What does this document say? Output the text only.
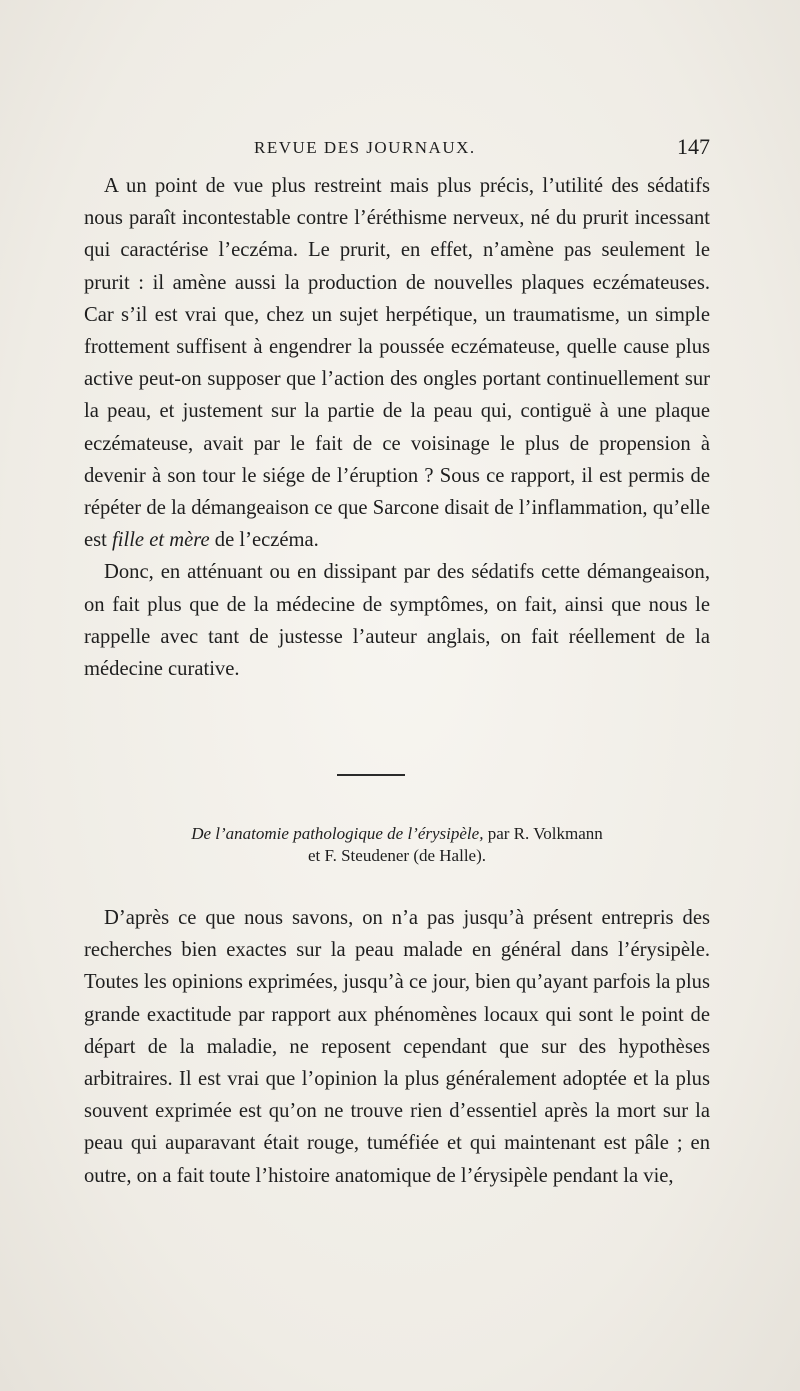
REVUE DES JOURNAUX.	147

A un point de vue plus restreint mais plus précis, l’utilité des sédatifs nous paraît incontestable contre l’éréthisme nerveux, né du prurit incessant qui caractérise l’eczéma. Le prurit, en effet, n’amène pas seulement le prurit : il amène aussi la production de nouvelles plaques eczémateuses. Car s’il est vrai que, chez un sujet herpétique, un traumatisme, un simple frottement suffisent à engendrer la poussée eczémateuse, quelle cause plus active peut-on supposer que l’action des ongles portant continuellement sur la peau, et justement sur la partie de la peau qui, contiguë à une plaque eczémateuse, avait par le fait de ce voisinage le plus de propension à devenir à son tour le siége de l’éruption ? Sous ce rapport, il est permis de répéter de la démangeaison ce que Sarcone disait de l’inflammation, qu’elle est fille et mère de l’eczéma.

Donc, en atténuant ou en dissipant par des sédatifs cette démangeaison, on fait plus que de la médecine de symptômes, on fait, ainsi que nous le rappelle avec tant de justesse l’auteur anglais, on fait réellement de la médecine curative.

De l’anatomie pathologique de l’érysipèle, par R. Volkmann
et F. Steudener (de Halle).

D’après ce que nous savons, on n’a pas jusqu’à présent entrepris des recherches bien exactes sur la peau malade en général dans l’érysipèle. Toutes les opinions exprimées, jusqu’à ce jour, bien qu’ayant parfois la plus grande exactitude par rapport aux phénomènes locaux qui sont le point de départ de la maladie, ne reposent cependant que sur des hypothèses arbitraires. Il est vrai que l’opinion la plus généralement adoptée et la plus souvent exprimée est qu’on ne trouve rien d’essentiel après la mort sur la peau qui auparavant était rouge, tuméfiée et qui maintenant est pâle ; en outre, on a fait toute l’histoire anatomique de l’érysipèle pendant la vie,
